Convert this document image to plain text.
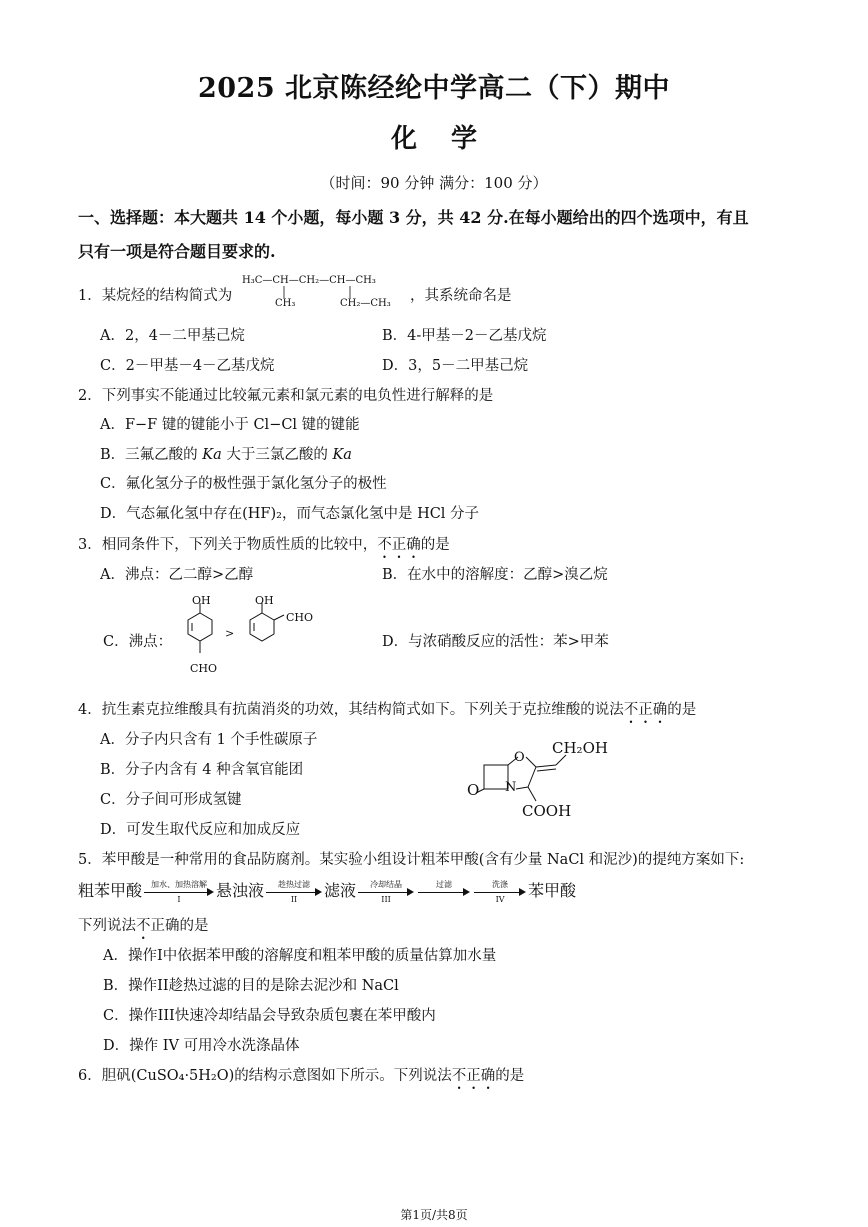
2025 北京陈经纶中学高二（下）期中
化学
（时间：90 分钟 满分：100 分）
一、选择题：本大题共 14 个小题，每小题 3 分，共 42 分.在每小题给出的四个选项中，有且
只有一项是符合题目要求的.
1．某烷烃的结构简式为
H₃C—CH—CH₂—CH—CH₃
CH₃	CH₂—CH₃ ，其系统命名是
A．2，4－二甲基己烷	B．4-甲基－2－乙基戊烷
C．2－甲基－4－乙基戊烷	D．3，5－二甲基己烷
2．下列事实不能通过比较氟元素和氯元素的电负性进行解释的是
A．F−F 键的键能小于 Cl−Cl 键的键能
B．三氟乙酸的 Ka 大于三氯乙酸的 Ka
C．氟化氢分子的极性强于氯化氢分子的极性
D．气态氟化氢中存在(HF)₂，而气态氯化氢中是 HCl 分子
3．相同条件下，下列关于物质性质的比较中，不正确的是
A．沸点：乙二醇>乙醇	B．在水中的溶解度：乙醇>溴乙烷
C．沸点：
OH
CHO
>
OH
CHO
D．与浓硝酸反应的活性：苯>甲苯
4．抗生素克拉维酸具有抗菌消炎的功效，其结构简式如下。下列关于克拉维酸的说法不正确的是
A．分子内只含有 1 个手性碳原子
B．分子内含有 4 种含氧官能团
C．分子间可形成氢键
D．可发生取代反应和加成反应
CH₂OH
O
N
O
COOH
5．苯甲酸是一种常用的食品防腐剂。某实验小组设计粗苯甲酸(含有少量 NaCl 和泥沙)的提纯方案如下:
粗苯甲酸	加水、加热溶解
I	悬浊液	趁热过滤
II	滤液	冷却结晶
III
过滤	洗涤
IV	苯甲酸
下列说法不正确的是
A．操作I中依据苯甲酸的溶解度和粗苯甲酸的质量估算加水量
B．操作II趁热过滤的目的是除去泥沙和 NaCl
C．操作III快速冷却结晶会导致杂质包裹在苯甲酸内
D．操作 IV 可用冷水洗涤晶体
6．胆矾(CuSO₄·5H₂O)的结构示意图如下所示。下列说法不正确的是
第1页/共8页
